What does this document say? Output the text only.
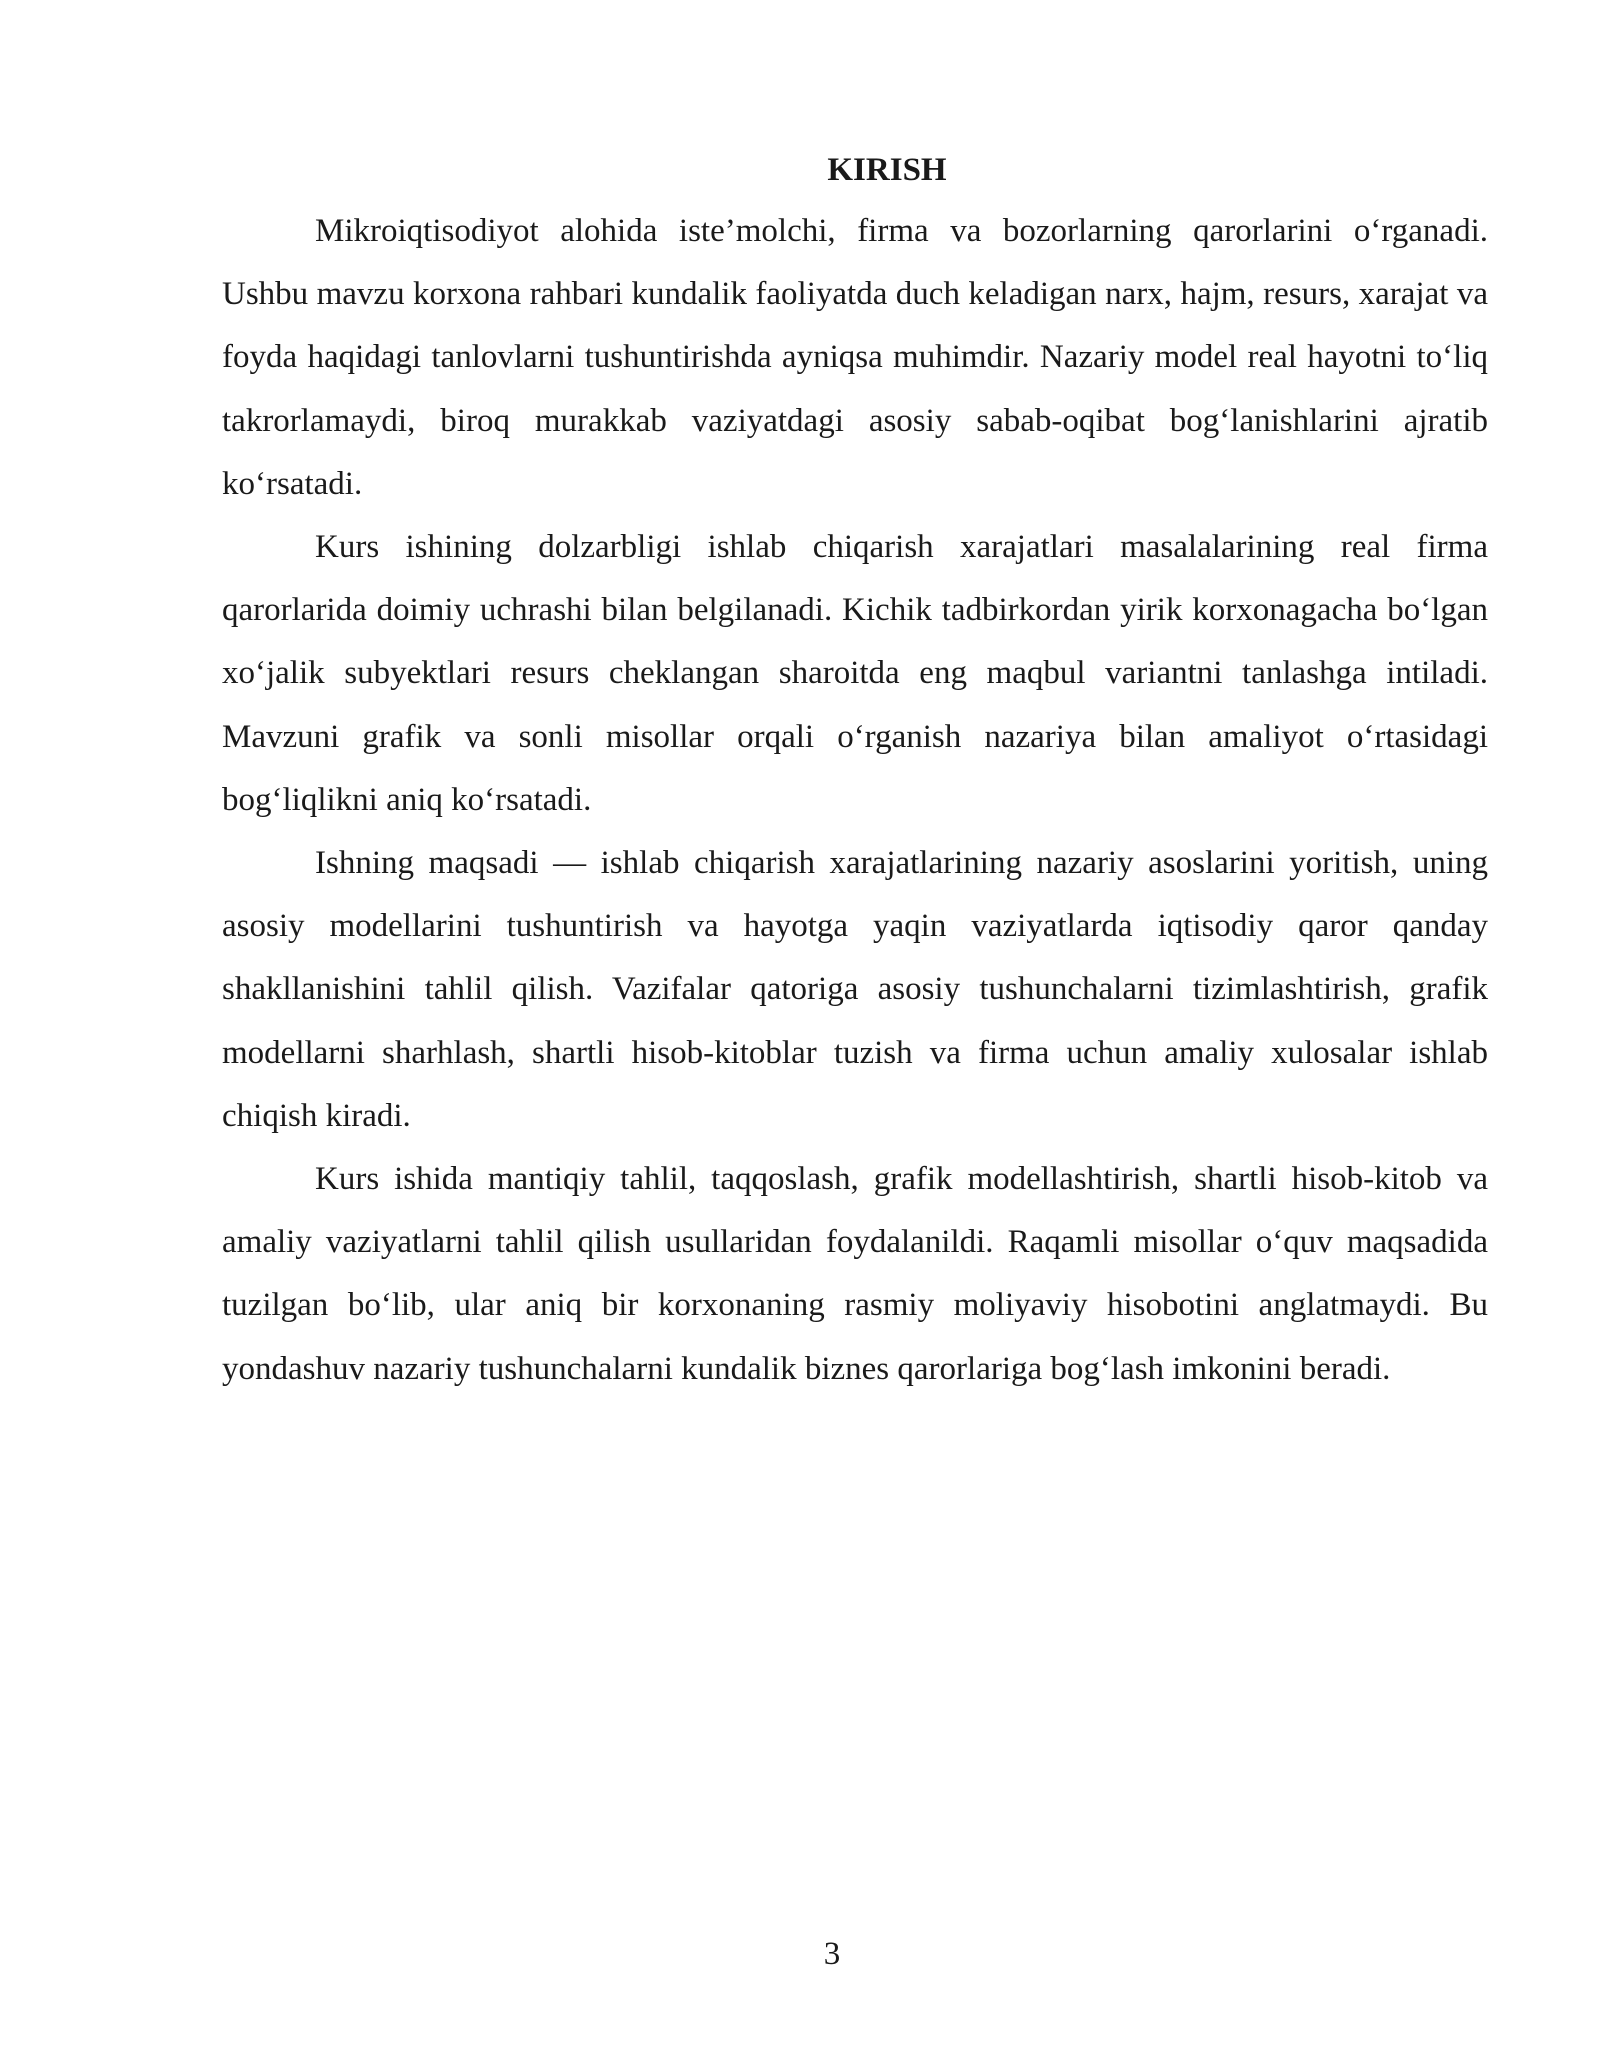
KIRISH

Mikroiqtisodiyot alohida iste’molchi, firma va bozorlarning qarorlarini o‘rganadi. Ushbu mavzu korxona rahbari kundalik faoliyatda duch keladigan narx, hajm, resurs, xarajat va foyda haqidagi tanlovlarni tushuntirishda ayniqsa muhimdir. Nazariy model real hayotni to‘liq takrorlamaydi, biroq murakkab vaziyatdagi asosiy sabab-oqibat bog‘lanishlarini ajratib ko‘rsatadi.

Kurs ishining dolzarbligi ishlab chiqarish xarajatlari masalalarining real firma qarorlarida doimiy uchrashi bilan belgilanadi. Kichik tadbirkordan yirik korxonagacha bo‘lgan xo‘jalik subyektlari resurs cheklangan sharoitda eng maqbul variantni tanlashga intiladi. Mavzuni grafik va sonli misollar orqali o‘rganish nazariya bilan amaliyot o‘rtasidagi bog‘liqlikni aniq ko‘rsatadi.

Ishning maqsadi — ishlab chiqarish xarajatlarining nazariy asoslarini yoritish, uning asosiy modellarini tushuntirish va hayotga yaqin vaziyatlarda iqtisodiy qaror qanday shakllanishini tahlil qilish. Vazifalar qatoriga asosiy tushunchalarni tizimlashtirish, grafik modellarni sharhlash, shartli hisob-kitoblar tuzish va firma uchun amaliy xulosalar ishlab chiqish kiradi.

Kurs ishida mantiqiy tahlil, taqqoslash, grafik modellashtirish, shartli hisob-kitob va amaliy vaziyatlarni tahlil qilish usullaridan foydalanildi. Raqamli misollar o‘quv maqsadida tuzilgan bo‘lib, ular aniq bir korxonaning rasmiy moliyaviy hisobotini anglatmaydi. Bu yondashuv nazariy tushunchalarni kundalik biznes qarorlariga bog‘lash imkonini beradi.

3
